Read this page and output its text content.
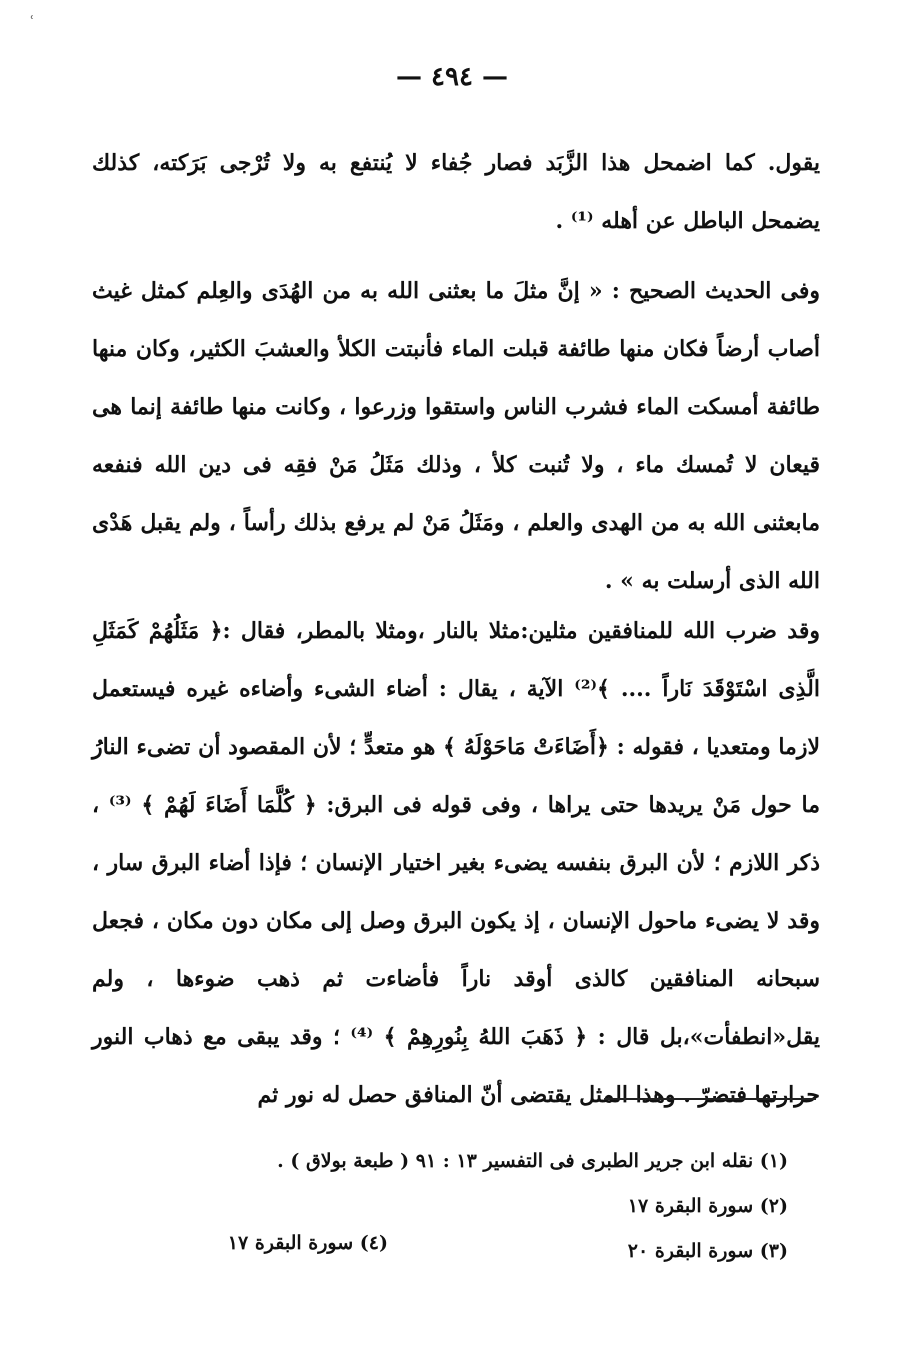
ʿ
— ٤٩٤ —

يقول. كما اضمحل هذا الزَّبَد فصار جُفاء لا يُنتفع به ولا تُرْجى بَرَكته، كذلك يضمحل الباطل عن أهله ⁽¹⁾ .

وفى الحديث الصحيح : « إنَّ مثلَ ما بعثنى الله به من الهُدَى والعِلم كمثل غيث أصاب أرضاً فكان منها طائفة قبلت الماء فأنبتت الكلأ والعشبَ الكثير، وكان منها طائفة أمسكت الماء فشرب الناس واستقوا وزرعوا ، وكانت منها طائفة إنما هى قيعان لا تُمسك ماء ، ولا تُنبت كلأ ، وذلك مَثَلُ مَنْ فقِه فى دين الله فنفعه مابعثنى الله به من الهدى والعلم ، ومَثَلُ مَنْ لم يرفع بذلك رأساً ، ولم يقبل هَدْى الله الذى أرسلت به » .

وقد ضرب الله للمنافقين مثلين:مثلا بالنار ،ومثلا بالمطر، فقال :﴿ مَثَلُهُمْ كَمَثَلِ الَّذِى اسْتَوْقَدَ نَاراً .... ﴾⁽²⁾ الآية ، يقال : أضاء الشىء وأضاءه غيره فيستعمل لازما ومتعديا ، فقوله : ﴿أَضَاءَتْ مَاحَوْلَهُ ﴾ هو متعدٍّ ؛ لأن المقصود أن تضىء النارُ ما حول مَنْ يريدها حتى يراها ، وفى قوله فى البرق: ﴿ كُلَّمَا أَضَاءَ لَهُمْ ﴾ ⁽³⁾ ، ذكر اللازم ؛ لأن البرق بنفسه يضىء بغير اختيار الإنسان ؛ فإذا أضاء البرق سار ، وقد لا يضىء ماحول الإنسان ، إذ يكون البرق وصل إلى مكان دون مكان ، فجعل سبحانه المنافقين كالذى أوقد ناراً فأضاءت ثم ذهب ضوءها ، ولم يقل«انطفأت»،بل قال : ﴿ ذَهَبَ اللهُ بِنُورِهِمْ ﴾ ⁽⁴⁾ ؛ وقد يبقى مع ذهاب النور حرارتها فتضرّ . وهذا المثل يقتضى أنّ المنافق حصل له نور ثم

(١) نقله ابن جرير الطبرى فى التفسير ١٣ : ٩١ ( طبعة بولاق ) .
(٢) سورة البقرة ١٧
(٣) سورة البقرة ٢٠
(٤) سورة البقرة ١٧
